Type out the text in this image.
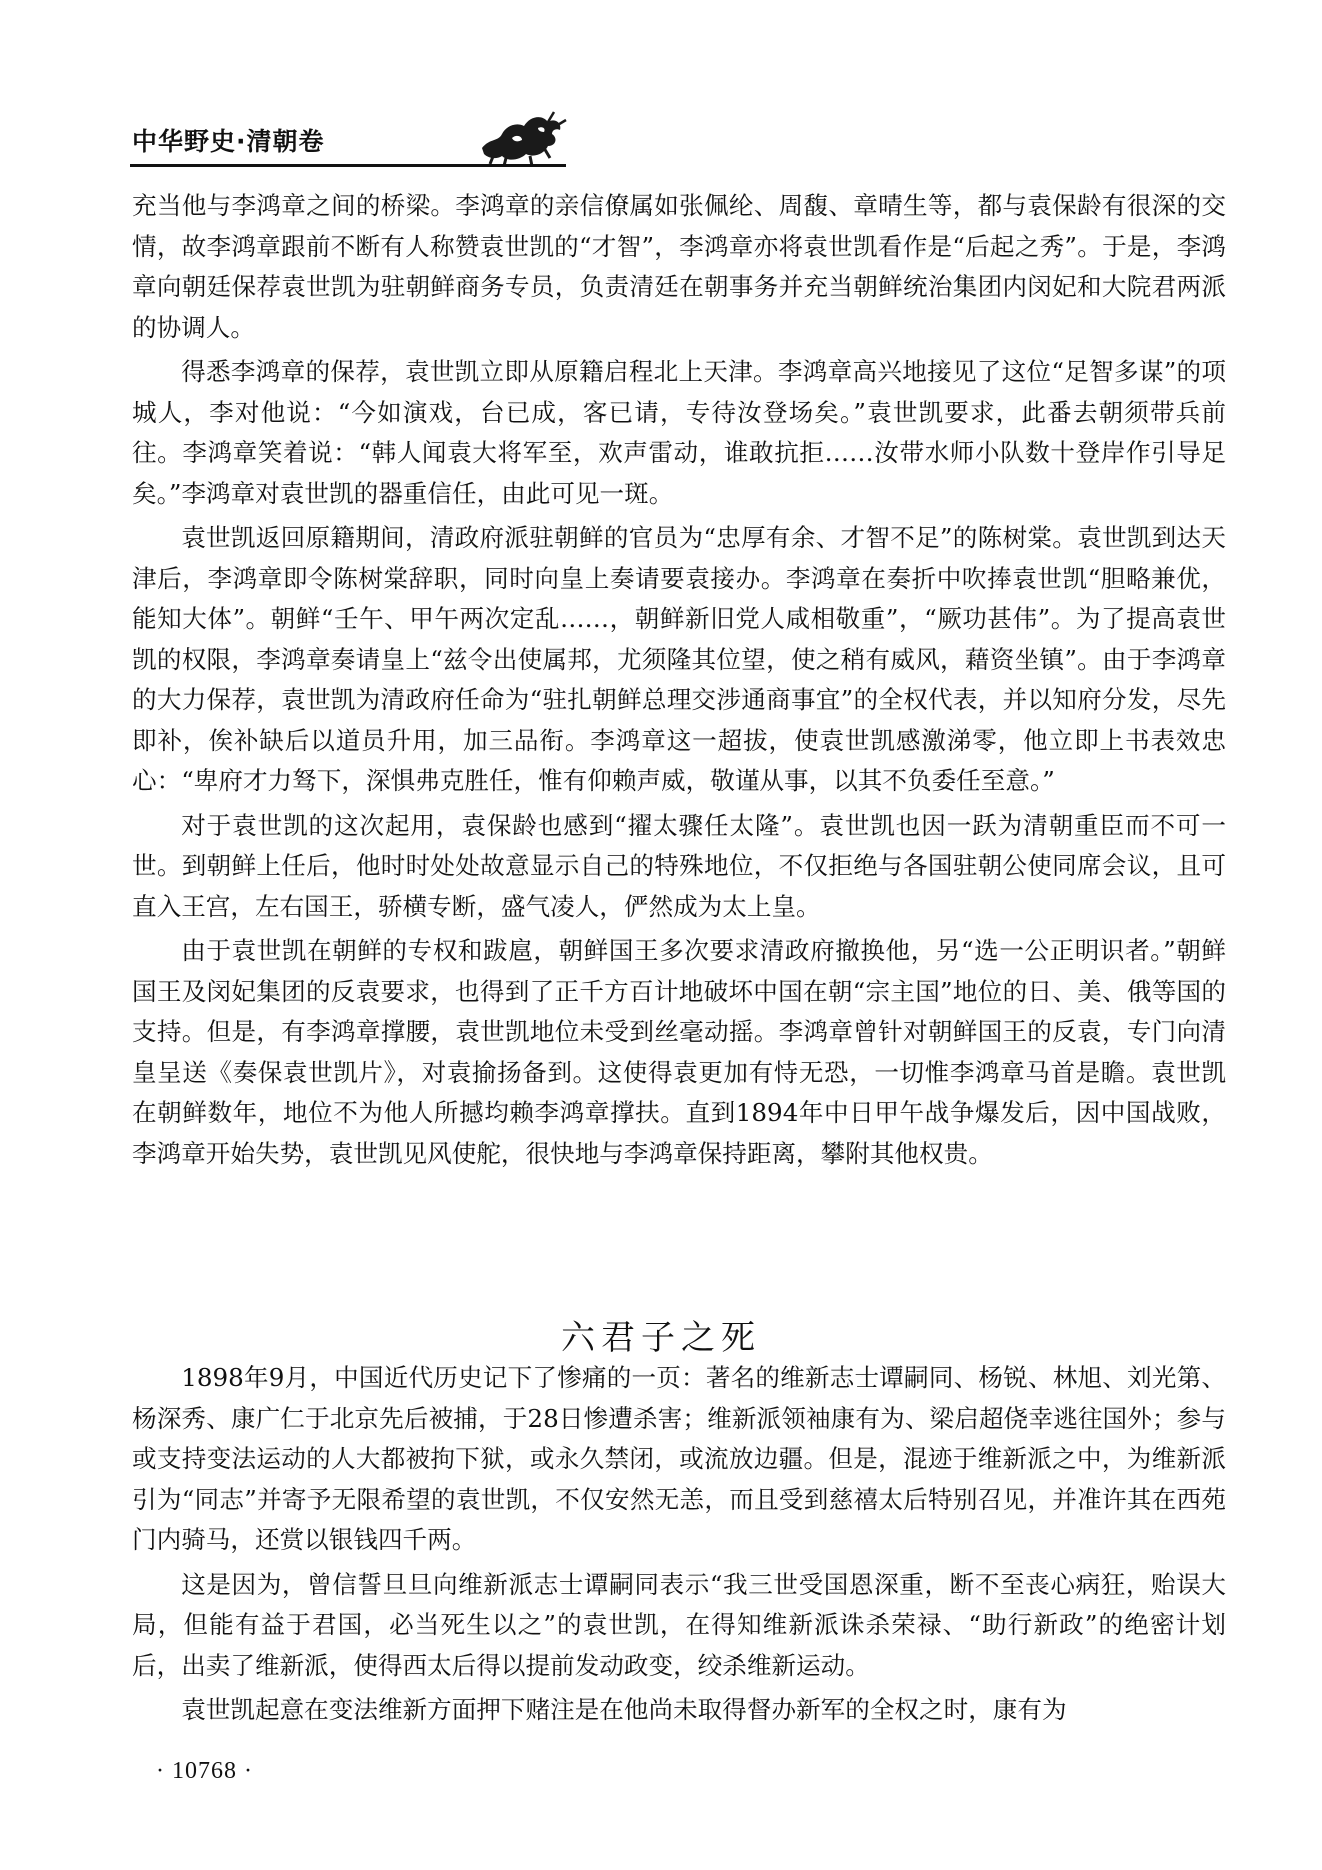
中华野史·清朝卷

充当他与李鸿章之间的桥梁。李鸿章的亲信僚属如张佩纶、周馥、章晴生等，都与袁保龄有很深的交情，故李鸿章跟前不断有人称赞袁世凯的“才智”，李鸿章亦将袁世凯看作是“后起之秀”。于是，李鸿章向朝廷保荐袁世凯为驻朝鲜商务专员，负责清廷在朝事务并充当朝鲜统治集团内闵妃和大院君两派的协调人。

得悉李鸿章的保荐，袁世凯立即从原籍启程北上天津。李鸿章高兴地接见了这位“足智多谋”的项城人，李对他说：“今如演戏，台已成，客已请，专待汝登场矣。”袁世凯要求，此番去朝须带兵前往。李鸿章笑着说：“韩人闻袁大将军至，欢声雷动，谁敢抗拒……汝带水师小队数十登岸作引导足矣。”李鸿章对袁世凯的器重信任，由此可见一斑。

袁世凯返回原籍期间，清政府派驻朝鲜的官员为“忠厚有余、才智不足”的陈树棠。袁世凯到达天津后，李鸿章即令陈树棠辞职，同时向皇上奏请要袁接办。李鸿章在奏折中吹捧袁世凯“胆略兼优，能知大体”。朝鲜“壬午、甲午两次定乱……，朝鲜新旧党人咸相敬重”，“厥功甚伟”。为了提高袁世凯的权限，李鸿章奏请皇上“兹令出使属邦，尤须隆其位望，使之稍有威风，藉资坐镇”。由于李鸿章的大力保荐，袁世凯为清政府任命为“驻扎朝鲜总理交涉通商事宜”的全权代表，并以知府分发，尽先即补，俟补缺后以道员升用，加三品衔。李鸿章这一超拔，使袁世凯感激涕零，他立即上书表效忠心：“卑府才力驽下，深惧弗克胜任，惟有仰赖声威，敬谨从事，以其不负委任至意。”

对于袁世凯的这次起用，袁保龄也感到“擢太骤任太隆”。袁世凯也因一跃为清朝重臣而不可一世。到朝鲜上任后，他时时处处故意显示自己的特殊地位，不仅拒绝与各国驻朝公使同席会议，且可直入王宫，左右国王，骄横专断，盛气凌人，俨然成为太上皇。

由于袁世凯在朝鲜的专权和跋扈，朝鲜国王多次要求清政府撤换他，另“选一公正明识者。”朝鲜国王及闵妃集团的反袁要求，也得到了正千方百计地破坏中国在朝“宗主国”地位的日、美、俄等国的支持。但是，有李鸿章撑腰，袁世凯地位未受到丝毫动摇。李鸿章曾针对朝鲜国王的反袁，专门向清皇呈送《奏保袁世凯片》，对袁揄扬备到。这使得袁更加有恃无恐，一切惟李鸿章马首是瞻。袁世凯在朝鲜数年，地位不为他人所撼均赖李鸿章撑扶。直到1894年中日甲午战争爆发后，因中国战败，李鸿章开始失势，袁世凯见风使舵，很快地与李鸿章保持距离，攀附其他权贵。

六君子之死

1898年9月，中国近代历史记下了惨痛的一页：著名的维新志士谭嗣同、杨锐、林旭、刘光第、杨深秀、康广仁于北京先后被捕，于28日惨遭杀害；维新派领袖康有为、梁启超侥幸逃往国外；参与或支持变法运动的人大都被拘下狱，或永久禁闭，或流放边疆。但是，混迹于维新派之中，为维新派引为“同志”并寄予无限希望的袁世凯，不仅安然无恙，而且受到慈禧太后特别召见，并准许其在西苑门内骑马，还赏以银钱四千两。

这是因为，曾信誓旦旦向维新派志士谭嗣同表示“我三世受国恩深重，断不至丧心病狂，贻误大局，但能有益于君国，必当死生以之”的袁世凯，在得知维新派诛杀荣禄、“助行新政”的绝密计划后，出卖了维新派，使得西太后得以提前发动政变，绞杀维新运动。

袁世凯起意在变法维新方面押下赌注是在他尚未取得督办新军的全权之时，康有为

· 10768 ·
